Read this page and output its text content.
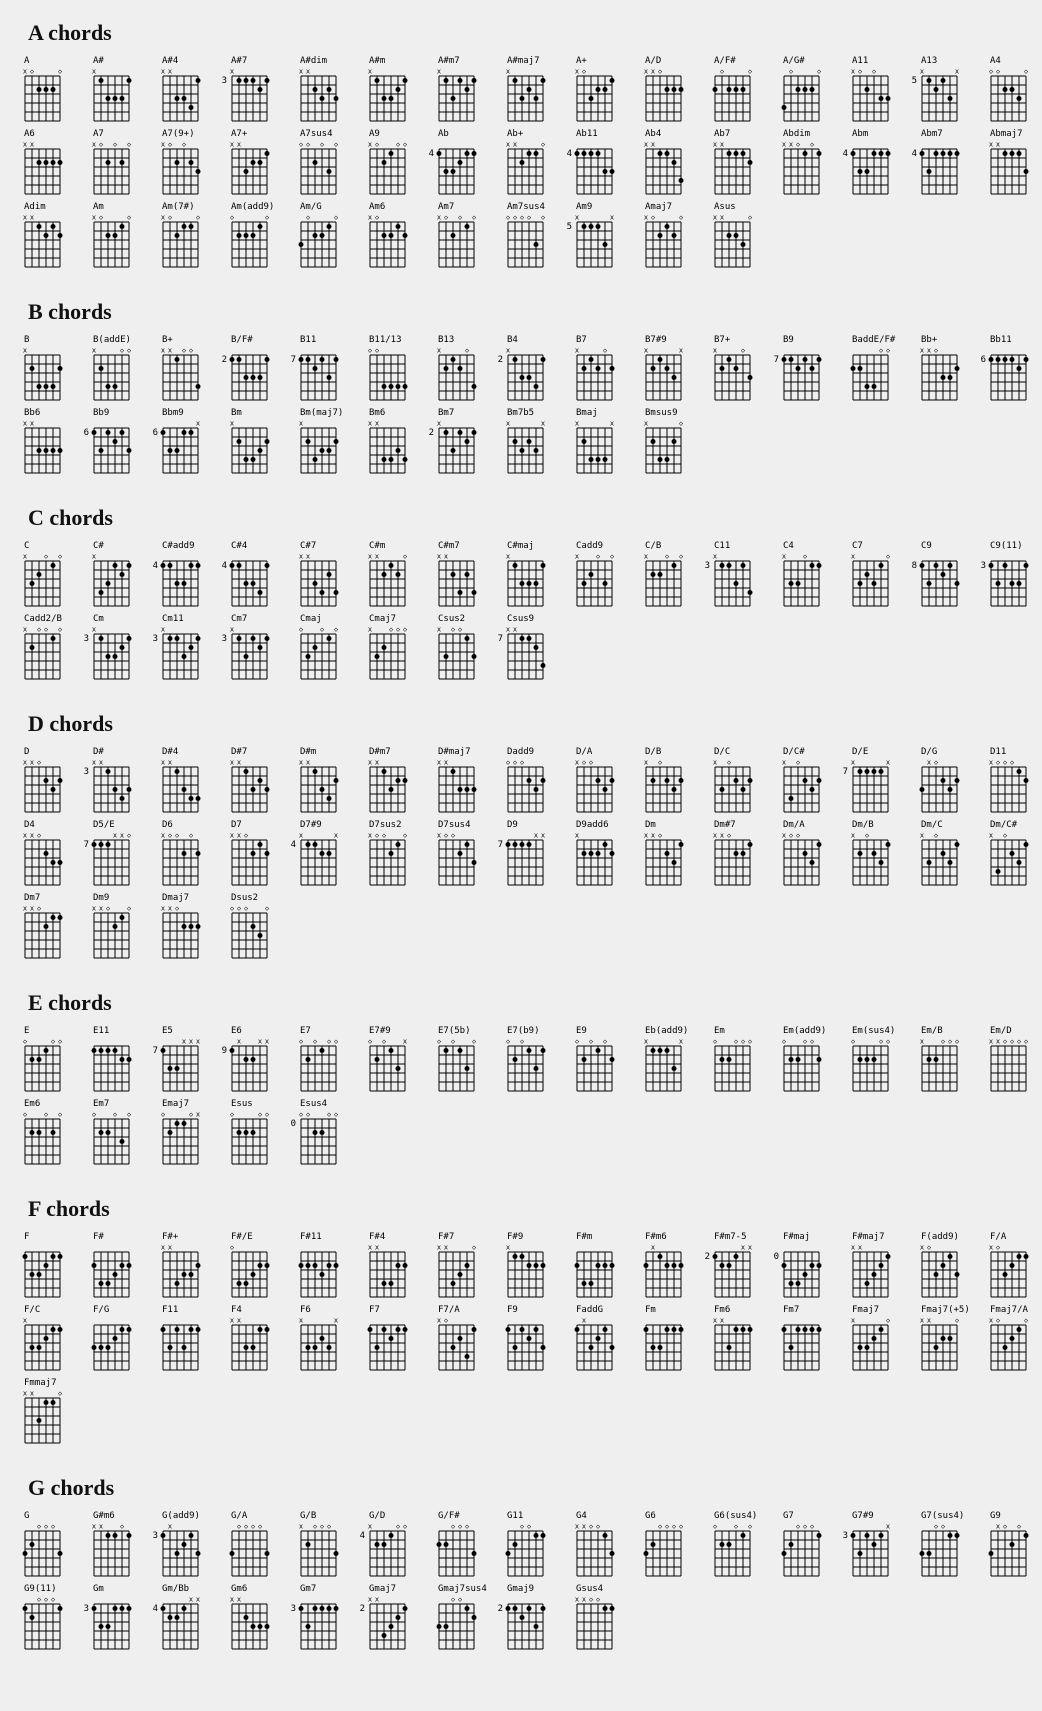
A chords
A
x ◇	◇
A#
x
A#4
x x
A#7
x
3
A#dim
x x
A#m
x
A#m7
x
A#maj7
x
A+
x ◇
A/D
x x ◇
A/F#
◇	◇
A/G#
◇	◇
A11
x ◇ ◇
A13
x	x
5
A4
◇ ◇	◇
A6
x x
A7
x ◇ ◇ ◇
A7(9+)
x ◇ ◇
A7+
x x
A7sus4
◇ ◇ ◇ ◇
A9
x ◇ ◇ ◇
Ab
4
Ab+
x x	◇
Ab11
4
Ab4
x x
Ab7
x x
Abdim
x x ◇ ◇
Abm
4
Abm7
4
Abmaj7
x x
Adim
x x
Am
x ◇	◇
Am(7#)
x ◇	◇
Am(add9)
◇	◇
Am/G
◇	◇
Am6
x ◇
Am7
x ◇ ◇ ◇
Am7sus4
◇ ◇ ◇ ◇ ◇
Am9
x	x
5
Amaj7
x ◇	◇
Asus
x x	◇
B chords
B
x
B(addE)
x	◇ ◇
B+
x x ◇ ◇
B/F#
2
B11
7
B11/13
◇ ◇
B13
x	◇
B4
x
2
B7
x	◇
B7#9
x	x
B7+
x	◇
B9
7
BaddE/F#
◇ ◇
Bb+
x x ◇
Bb11
6
Bb6
x x
Bb9
6
Bbm9
x
6
Bm
x
Bm(maj7)
x
Bm6
x x
Bm7
x
2
Bm7b5
x	x
Bmaj
x	x
Bmsus9
x	◇
C chords
C
x ◇ ◇
C#
x
C#add9
4
C#4
4
C#7
x x
C#m
x x	◇
C#m7
x x
C#maj
x
Cadd9
x ◇ ◇
C/B
x ◇ ◇
C11
x
3
C4
x ◇
C7
x	◇
C9
8
C9(11)
3
Cadd2/B
x ◇ ◇ ◇
Cm
x
3
Cm11
x
3
Cm7
x
3
Cmaj
◇ ◇ ◇
Cmaj7
x ◇ ◇ ◇
Csus2
x ◇ ◇
Csus9
x x
7
D chords
D
x x ◇
D#
x x
3
D#4
x x
D#7
x x
D#m
x x
D#m7
x x
D#maj7
x x
Dadd9
◇ ◇ ◇
D/A
x ◇ ◇
D/B
x ◇
D/C
x ◇
D/C#
x ◇
D/E
x	x
7
D/G
x ◇
D11
x ◇ ◇ ◇
D4
x x ◇
D5/E
x x ◇
7
D6
x ◇ ◇ ◇
D7
x x ◇
D7#9
x	x
4
D7sus2
x ◇ ◇ ◇
D7sus4
x ◇ ◇
D9
x x
7
D9add6
x
Dm
x x ◇
Dm#7
x x ◇
Dm/A
x ◇ ◇
Dm/B
x ◇
Dm/C
x ◇
Dm/C#
x ◇
Dm7
x x ◇
Dm9
x x ◇ ◇
Dmaj7
x x ◇
Dsus2
◇ ◇ ◇ ◇
E chords
E
◇	◇ ◇
E11	E5
x x x
7
E6
x x x
9
E7
◇ ◇ ◇ ◇
E7#9
◇ ◇ x
E7(5b)
◇ ◇ ◇
E7(b9)
◇ ◇
E9
◇ ◇ ◇
Eb(add9)
x	x
Em
◇ ◇ ◇ ◇
Em(add9)
◇ ◇ ◇
Em(sus4)
◇	◇ ◇
Em/B
x ◇ ◇ ◇
Em/D
x x ◇ ◇ ◇ ◇
Em6
◇ ◇ ◇
Em7
◇ ◇ ◇
Emaj7
◇	◇ x
Esus
◇	◇ ◇
Esus4
◇ ◇ ◇ ◇
0
F chords
F	F#	F#+
x x
F#/E
◇
F#11	F#4
x x
F#7
x x	◇
F#9
x
F#m	F#m6
x
F#m7-5
x x
2
F#maj
0
F#maj7
x x
F(add9)
x ◇
F/A
x ◇
F/C
x
F/G	F11	F4
x x
F6
x	x
F7	F7/A
x ◇
F9	FaddG
x
Fm	Fm6
x x
Fm7	Fmaj7
x	◇
Fmaj7(+5)
x x	◇
Fmaj7/A
x ◇	◇
Fmmaj7
x x	◇
G chords
G
◇ ◇ ◇
G#m6
x x ◇
G(add9)
x
3
G/A
◇ ◇ ◇ ◇
G/B
x ◇ ◇ ◇
G/D
x	◇ ◇
4
G/F#
◇ ◇ ◇
G11
◇ ◇
G4
x x ◇ ◇
G6
◇ ◇ ◇ ◇
G6(sus4)
◇ ◇ ◇
G7
◇ ◇ ◇
G7#9
x
3
G7(sus4)
◇ ◇
G9
x ◇ ◇
G9(11)
◇ ◇ ◇
Gm
3
Gm/Bb
x x
4
Gm6
x x
Gm7
3
Gmaj7
x x
2
Gmaj7sus4
◇ ◇
Gmaj9
2
Gsus4
x x ◇ ◇
